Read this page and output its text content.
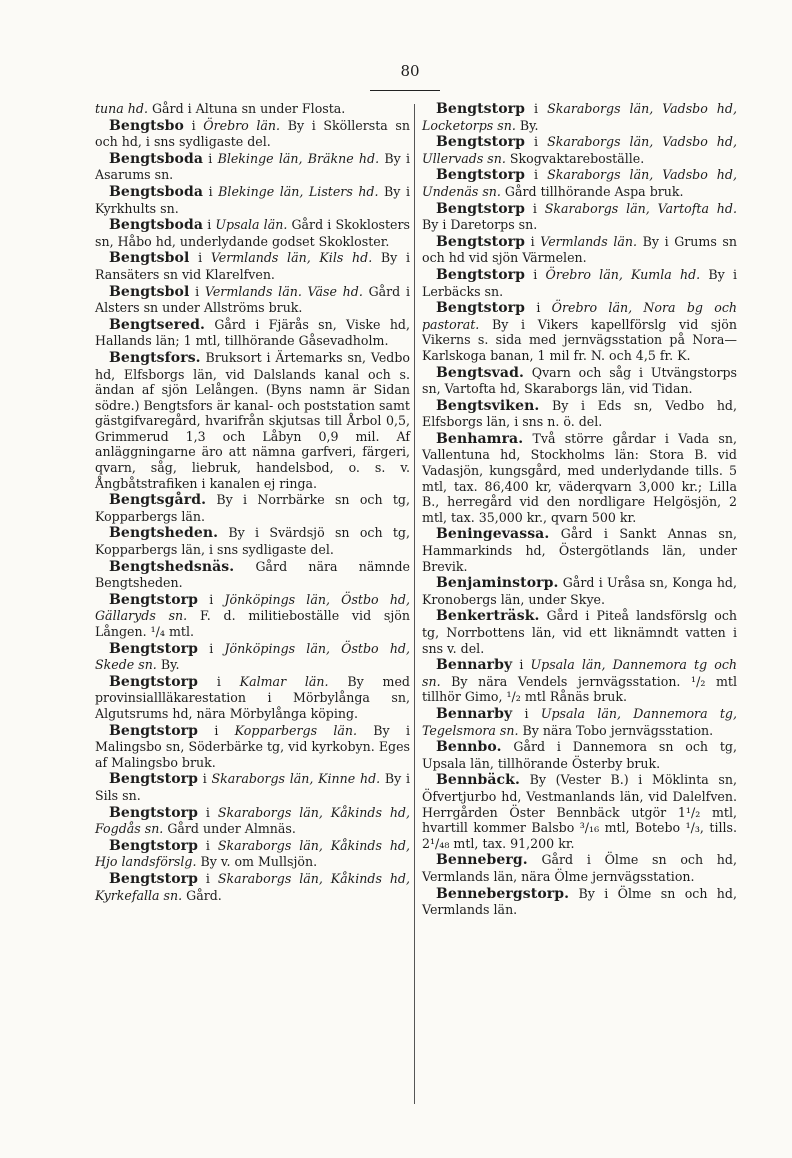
80
tuna hd. Gård i Altuna sn under Flosta.
Bengtsbo i Örebro län. By i Sköllersta sn och hd, i sns sydligaste del.
Bengtsboda i Blekinge län, Bräkne hd. By i Asarums sn.
Bengtsboda i Blekinge län, Listers hd. By i Kyrkhults sn.
Bengtsboda i Upsala län. Gård i Skoklosters sn, Håbo hd, underlydande godset Skokloster.
Bengtsbol i Vermlands län, Kils hd. By i Ransäters sn vid Klarelfven.
Bengtsbol i Vermlands län. Väse hd. Gård i Alsters sn under Allströms bruk.
Bengtsered. Gård i Fjärås sn, Viske hd, Hallands län; 1 mtl, tillhörande Gåsevadholm.
Bengtsfors. Bruksort i Ärtemarks sn, Vedbo hd, Elfsborgs län, vid Dalslands kanal och s. ändan af sjön Lelången. (Byns namn är Sidan södre.) Bengtsfors är kanal- och poststation samt gästgifvaregård, hvarifrån skjutsas till Årbol 0,5, Grimmerud 1,3 och Låbyn 0,9 mil. Af anläggningarne äro att nämna garfveri, färgeri, qvarn, såg, liebruk, handelsbod, o. s. v. Ångbåtstrafiken i kanalen ej ringa.
Bengtsgård. By i Norrbärke sn och tg, Kopparbergs län.
Bengtsheden. By i Svärdsjö sn och tg, Kopparbergs län, i sns sydligaste del.
Bengtshedsnäs. Gård nära nämnde Bengtsheden.
Bengtstorp i Jönköpings län, Östbo hd, Gällaryds sn. F. d. militieboställe vid sjön Lången. ¹/₄ mtl.
Bengtstorp i Jönköpings län, Östbo hd, Skede sn. By.
Bengtstorp i Kalmar län. By med provinsiallläkarestation i Mörbylånga sn, Algutsrums hd, nära Mörbylånga köping.
Bengtstorp i Kopparbergs län. By i Malingsbo sn, Söderbärke tg, vid kyrkobyn. Eges af Malingsbo bruk.
Bengtstorp i Skaraborgs län, Kinne hd. By i Sils sn.
Bengtstorp i Skaraborgs län, Kåkinds hd, Fogdås sn. Gård under Almnäs.
Bengtstorp i Skaraborgs län, Kåkinds hd, Hjo landsförslg. By v. om Mullsjön.
Bengtstorp i Skaraborgs län, Kåkinds hd, Kyrkefalla sn. Gård.
Bengtstorp i Skaraborgs län, Vadsbo hd, Locketorps sn. By.
Bengtstorp i Skaraborgs län, Vadsbo hd, Ullervads sn. Skogvaktareboställe.
Bengtstorp i Skaraborgs län, Vadsbo hd, Undenäs sn. Gård tillhörande Aspa bruk.
Bengtstorp i Skaraborgs län, Vartofta hd. By i Daretorps sn.
Bengtstorp i Vermlands län. By i Grums sn och hd vid sjön Värmelen.
Bengtstorp i Örebro län, Kumla hd. By i Lerbäcks sn.
Bengtstorp i Örebro län, Nora bg och pastorat. By i Vikers kapellförslg vid sjön Vikerns s. sida med jernvägsstation på Nora—Karlskoga banan, 1 mil fr. N. och 4,5 fr. K.
Bengtsvad. Qvarn och såg i Utvängstorps sn, Vartofta hd, Skaraborgs län, vid Tidan.
Bengtsviken. By i Eds sn, Vedbo hd, Elfsborgs län, i sns n. ö. del.
Benhamra. Två större gårdar i Vada sn, Vallentuna hd, Stockholms län: Stora B. vid Vadasjön, kungsgård, med underlydande tills. 5 mtl, tax. 86,400 kr, väderqvarn 3,000 kr.; Lilla B., herregård vid den nordligare Helgösjön, 2 mtl, tax. 35,000 kr., qvarn 500 kr.
Beningevassa. Gård i Sankt Annas sn, Hammarkinds hd, Östergötlands län, under Brevik.
Benjaminstorp. Gård i Uråsa sn, Konga hd, Kronobergs län, under Skye.
Benkerträsk. Gård i Piteå landsförslg och tg, Norrbottens län, vid ett liknämndt vatten i sns v. del.
Bennarby i Upsala län, Dannemora tg och sn. By nära Vendels jernvägsstation. ¹/₂ mtl tillhör Gimo, ¹/₂ mtl Rånäs bruk.
Bennarby i Upsala län, Dannemora tg, Tegelsmora sn. By nära Tobo jernvägsstation.
Bennbo. Gård i Dannemora sn och tg, Upsala län, tillhörande Österby bruk.
Bennbäck. By (Vester B.) i Möklinta sn, Öfvertjurbo hd, Vestmanlands län, vid Dalelfven. Herrgården Öster Bennbäck utgör 1¹/₂ mtl, hvartill kommer Balsbo ³/₁₆ mtl, Botebo ¹/₃, tills. 2¹/₄₈ mtl, tax. 91,200 kr.
Benneberg. Gård i Ölme sn och hd, Vermlands län, nära Ölme jernvägsstation.
Bennebergstorp. By i Ölme sn och hd, Vermlands län.
